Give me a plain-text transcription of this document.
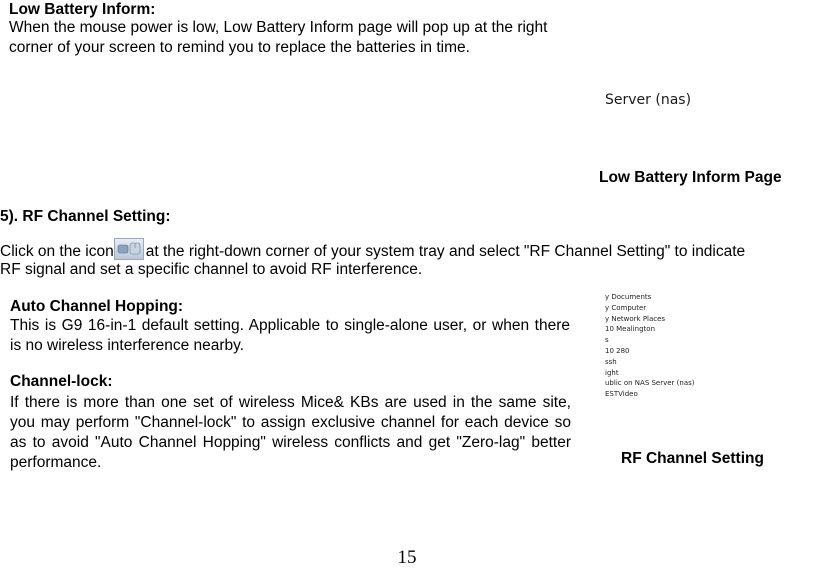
Low Battery Inform:
When the mouse power is low, Low Battery Inform page will pop up at the right corner of your screen to remind you to replace the batteries in time.
Server (nas)
Low Battery Inform Page
5). RF Channel Setting:
Click on the icon at the right-down corner of your system tray and select "RF Channel Setting" to indicate
RF signal and set a specific channel to avoid RF interference.
Auto Channel Hopping:
This is G9 16-in-1 default setting. Applicable to single-alone user, or when there is no wireless interference nearby.
Channel-lock:
If there is more than one set of wireless Mice& KBs are used in the same site, you may perform "Channel-lock" to assign exclusive channel for each device so as to avoid "Auto Channel Hopping" wireless conflicts and get "Zero-lag" better performance.
y Documents
y Computer
y Network Places
10 Mealington
s
10 280
ssh
ight
ublic on NAS Server (nas)
ESTVideo
RF Channel Setting
15
